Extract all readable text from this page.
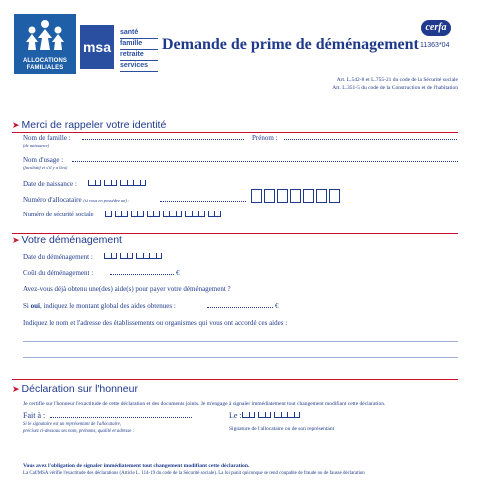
ALLOCATIONS
FAMILIALES
msa
santé
famille
retraite
services
Demande de prime de déménagement
cerfa
11363*04
Art. L.542-8 et L.755-21 du code de la Sécurité sociale
Art. L.351-5 du code de la Construction et de l'habitation
➤ Merci de rappeler votre identité
Nom de famille :
(de naissance)
Prénom :
Nom d'usage :
(facultatif et s'il y a lieu)
Date de naissance :
Numéro d'allocataire (si vous en possédez un) :
Numéro de sécurité sociale
➤ Votre déménagement
Date du déménagement :
Coût du déménagement :	€
Avez-vous déjà obtenu une(des) aide(s) pour payer votre déménagement ?
Si oui, indiquez le montant global des aides obtenues :	€
Indiquez le nom et l'adresse des établissements ou organismes qui vous ont accordé ces aides :
➤ Déclaration sur l'honneur
Je certifie sur l'honneur l'exactitude de cette déclaration et des documents joints. Je m'engage à signaler immédiatement tout changement modifiant cette déclaration.
Fait à :
Si le signataire est un représentant de l'allocataire,
précisez ci-dessous ses nom, prénoms, qualité et adresse :
Le :
Signature de l'allocataire ou de son représentant
Vous avez l'obligation de signaler immédiatement tout changement modifiant cette déclaration.
La Caf/MSA vérifie l'exactitude des déclarations (Article L. 114-19 du code de la Sécurité sociale). La loi punit quiconque se rend coupable de fraude ou de fausse déclaration
